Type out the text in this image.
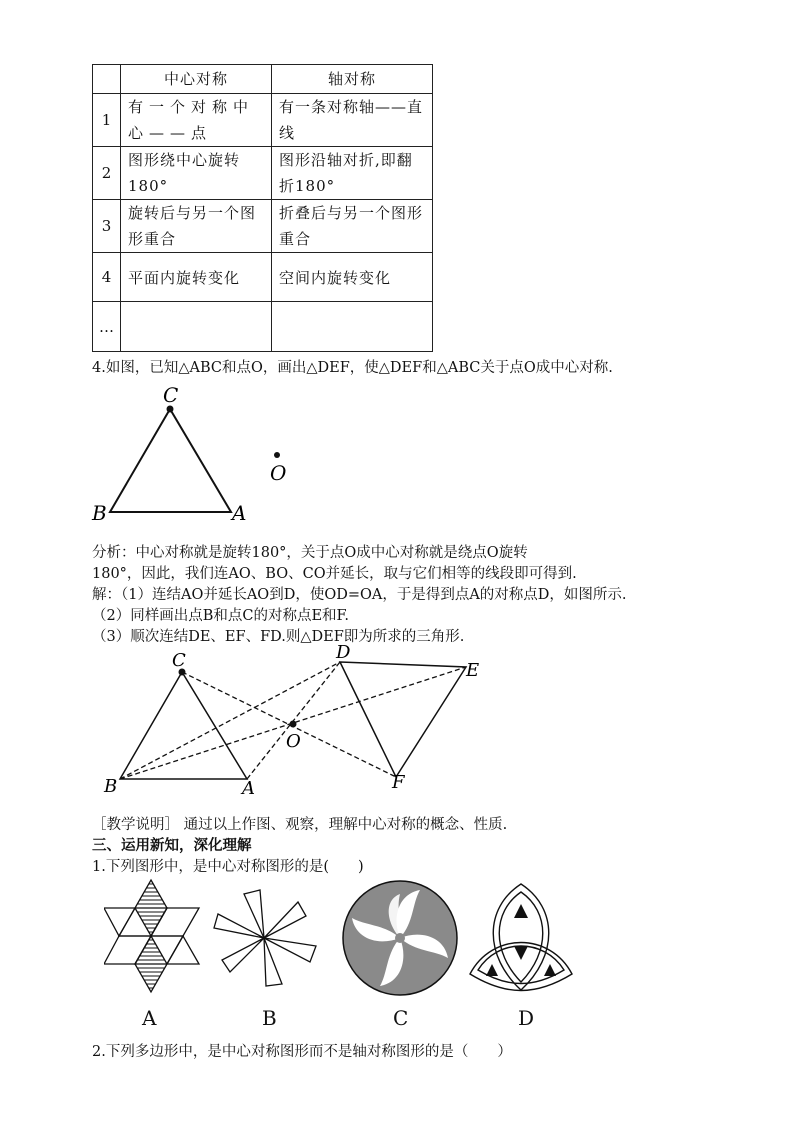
	中心对称	轴对称
1	有一个对称中心——点	有一条对称轴——直线
2	图形绕中心旋转180°	图形沿轴对折,即翻折180°
3	旋转后与另一个图形重合	折叠后与另一个图形重合
4	平面内旋转变化	空间内旋转变化
…		
4.如图，已知△ABC和点O，画出△DEF，使△DEF和△ABC关于点O成中心对称.
C
B	A
O
分析：中心对称就是旋转180°，关于点O成中心对称就是绕点O旋转
180°，因此，我们连AO、BO、CO并延长，取与它们相等的线段即可得到.
解：（1）连结AO并延长AO到D，使OD=OA，于是得到点A的对称点D，如图所示.
（2）同样画出点B和点C的对称点E和F.
（3）顺次连结DE、EF、FD.则△DEF即为所求的三角形.
C	D
E
O
B	A	F
［教学说明］ 通过以上作图、观察，理解中心对称的概念、性质.
三、运用新知，深化理解
1.下列图形中，是中心对称图形的是(　　)
A	B	C	D
2.下列多边形中，是中心对称图形而不是轴对称图形的是（　　）
